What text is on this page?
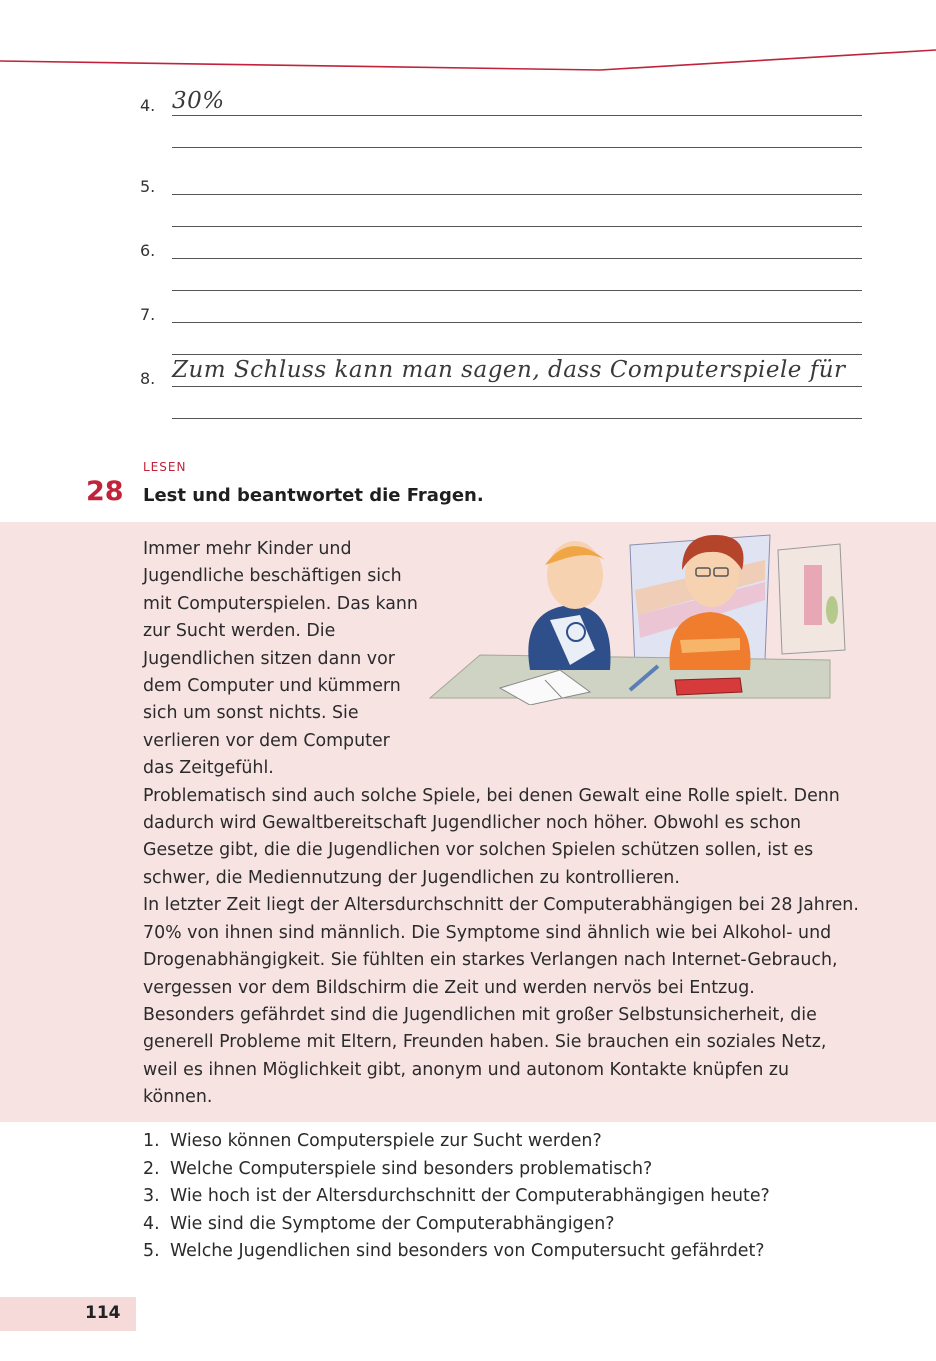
4. 30%
5.
6.
7.
8. Zum Schluss kann man sagen, dass Computerspiele für
LESEN
28 Lest und beantwortet die Fragen.

Immer mehr Kinder und Jugendliche beschäftigen sich mit Computerspielen. Das kann zur Sucht werden. Die Jugendlichen sitzen dann vor dem Computer und kümmern sich um sonst nichts. Sie verlieren vor dem Computer das Zeitgefühl.

Problematisch sind auch solche Spiele, bei denen Gewalt eine Rolle spielt. Denn dadurch wird Gewaltbereitschaft Jugendlicher noch höher. Obwohl es schon Gesetze gibt, die die Jugendlichen vor solchen Spielen schützen sollen, ist es schwer, die Mediennutzung der Jugendlichen zu kontrollieren.

In letzter Zeit liegt der Altersdurchschnitt der Computerabhängigen bei 28 Jahren. 70% von ihnen sind männlich. Die Symptome sind ähnlich wie bei Alkohol- und Drogenabhängigkeit. Sie fühlten ein starkes Verlangen nach Internet-Gebrauch, vergessen vor dem Bildschirm die Zeit und werden nervös bei Entzug.

Besonders gefährdet sind die Jugendlichen mit großer Selbstunsicherheit, die generell Probleme mit Eltern, Freunden haben. Sie brauchen ein soziales Netz, weil es ihnen Möglichkeit gibt, anonym und autonom Kontakte knüpfen zu können.

1. Wieso können Computerspiele zur Sucht werden?
2. Welche Computerspiele sind besonders problematisch?
3. Wie hoch ist der Altersdurchschnitt der Computerabhängigen heute?
4. Wie sind die Symptome der Computerabhängigen?
5. Welche Jugendlichen sind besonders von Computersucht gefährdet?
114
